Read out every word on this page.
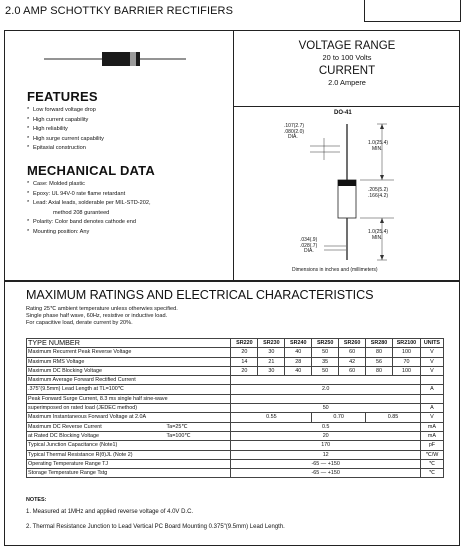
2.0 AMP SCHOTTKY BARRIER RECTIFIERS
VOLTAGE RANGE
20 to 100 Volts
CURRENT
2.0 Ampere
FEATURES
* Low forward voltage drop
* High current capability
* High reliability
* High surge current capability
* Epitaxial construction
MECHANICAL DATA
* Case: Molded plastic
* Epoxy: UL 94V-0 rate flame retardant
* Lead: Axial leads, solderable per MIL-STD-202,
method 208 guranteed
* Polarity: Color band denotes cathode end
* Mounting position: Any
DO-41
.107(2.7)
.080(2.0)
DIA.
1.0(25.4)
MIN.
.205(5.2)
.166(4.2)
1.0(25.4)
MIN.
.034(.9)
.028(.7)
DIA.
Dimensions in inches and (millimeters)
MAXIMUM RATINGS AND ELECTRICAL CHARACTERISTICS
Rating 25℃ ambient temperature unless otherwies specified.
Single phase half wave, 60Hz, resistive or inductive load.
For capacitive load, derate current by 20%.
TYPE NUMBER	SR220	SR230	SR240	SR250	SR260	SR280	SR2100	UNITS
Maximum Recurrent Peak Reverse Voltage	20	30	40	50	60	80	100	V
Maximum RMS Voltage	14	21	28	35	42	56	70	V
Maximum DC Blocking Voltage	20	30	40	50	60	80	100	V
Maximum Average Forward Rectified Current								
.375"(9.5mm) Lead Length at TL=100℃	2.0							A
Peak Forward Surge Current, 8.3 ms single half sine-wave								
superimposed on rated load (JEDEC method)	50							A
Maximum Instantaneous Forward Voltage at 2.0A	0.55			0.70		0.85		V
Maximum DC Reverse Current Ta=25℃	0.5							mA
at Rated DC Blocking Voltage Ta=100℃	20							mA
Typical Junction Capacitance (Note1)	170							pF
Typical Thermal Resistance R(θ)JL (Note 2)	12							℃/W
Operating Temperature Range TJ	-65 — +150							℃
Storage Temperature Range Tstg	-65 — +150							℃
NOTES:
1. Measured at 1MHz and applied reverse voltage of 4.0V D.C.
2. Thermal Resistance Junction to Lead Vertical PC Board Mounting 0.375"(9.5mm) Lead Length.
